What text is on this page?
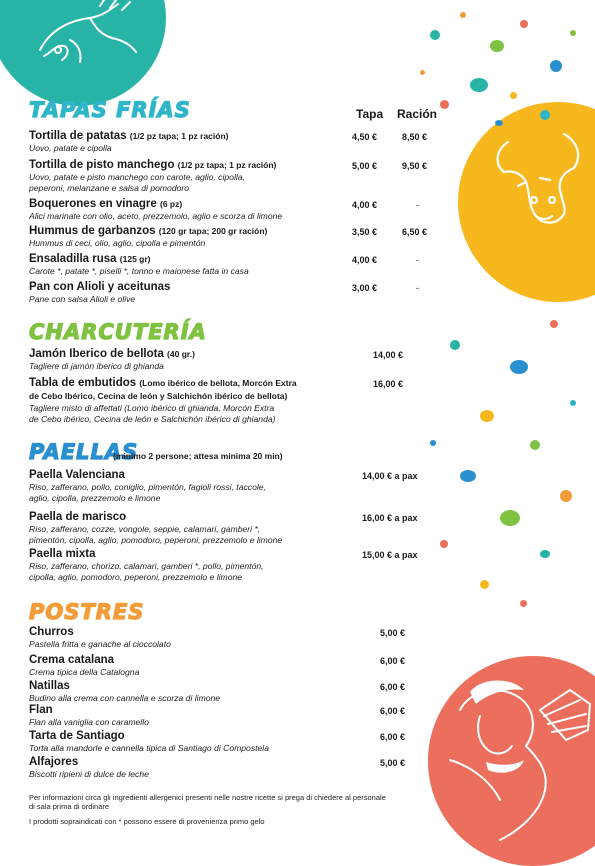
TAPAS FRÍAS	Tapa Ración
Tortilla de patatas (1/2 pz tapa; 1 pz ración)
Uovo, patate e cipolla
4,50 €	8,50 €
Tortilla de pisto manchego (1/2 pz tapa; 1 pz ración)
Uovo, patate e pisto manchego con carote, aglio, cipolla,
peperoni, melanzane e salsa di pomodoro
5,00 €	9,50 €
Boquerones en vinagre (6 pz)
Alici marinate con olio, aceto, prezzemolo, aglio e scorza di limone
4,00 €	-
Hummus de garbanzos (120 gr tapa; 200 gr ración)
Hummus di ceci, olio, aglio, cipolla e pimentón
3,50 €	6,50 €
Ensaladilla rusa (125 gr)
Carote *, patate *, piselli *, tonno e maionese fatta in casa
4,00 €	-
Pan con Alioli y aceitunas
Pane con salsa Alioli e olive
3,00 €	-
CHARCUTERÍA
Jamón Iberico de bellota (40 gr.)
Tagliere di jamón iberico di ghianda
14,00 €
Tabla de embutidos (Lomo ibérico de bellota, Morcón Extra
de Cebo Ibérico, Cecina de león y Salchichón ibérico de bellota)
Tagliere misto di affettati (Lomo ibérico di ghianda, Morcón Extra
de Cebo ibérico, Cecina de león e Salchichón ibérico di ghianda)
16,00 €
PAELLAS
(minimo 2 persone; attesa minima 20 min)
Paella Valenciana
Riso, zafferano, pollo, coniglio, pimentón, fagioli rossi, taccole,
aglio, cipolla, prezzemolo e limone
14,00 € a pax
Paella de marisco
Riso, zafferano, cozze, vongole, seppie, calamari, gamberi *,
pimentón, cipolla, aglio, pomodoro, peperoni, prezzemolo e limone
16,00 € a pax
Paella mixta
Riso, zafferano, chorizo, calamari, gamberi *, pollo, pimentón,
cipolla, aglio, pomodoro, peperoni, prezzemolo e limone
15,00 € a pax
POSTRES
Churros
Pastella fritta e ganache al cioccolato
5,00 €
Crema catalana
Crema tipica della Catalogna
6,00 €
Natillas
Budino alla crema con cannella e scorza di limone
6,00 €
Flan
Flan alla vaniglia con caramello
6,00 €
Tarta de Santiago
Torta alla mandorle e cannella tipica di Santiago di Compostela
6,00 €
Alfajores
Biscotti ripieni di dulce de leche
5,00 €
Per informazioni circa gli ingredienti allergenici presenti nelle nostre ricette si prega di chiedere al personale
di sala prima di ordinare
I prodotti sopraindicati con * possono essere di provenienza primo gelo
